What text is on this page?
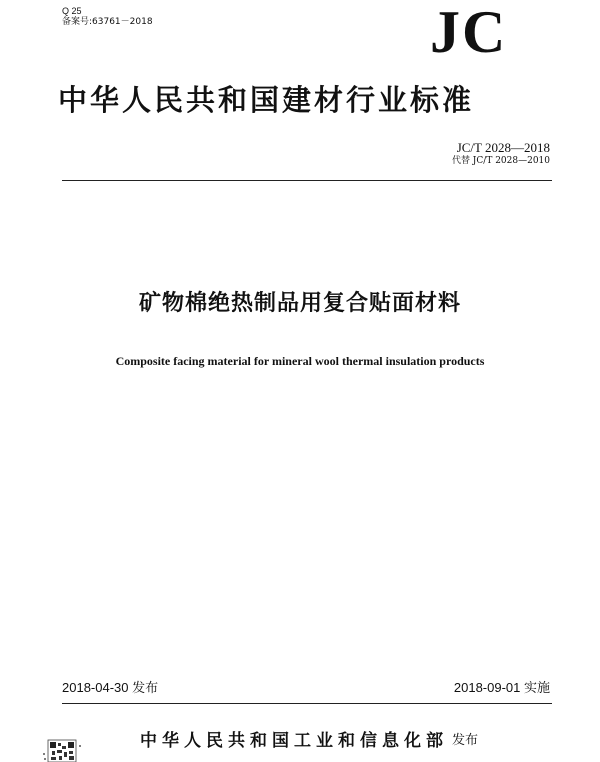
Q 25
备案号:63761－2018	JC
中华人民共和国建材行业标准
JC/T 2028—2018
代替 JC/T 2028—2010
矿物棉绝热制品用复合贴面材料
Composite facing material for mineral wool thermal insulation products
2018-04-30 发布	2018-09-01 实施
中华人民共和国工业和信息化部 发布
